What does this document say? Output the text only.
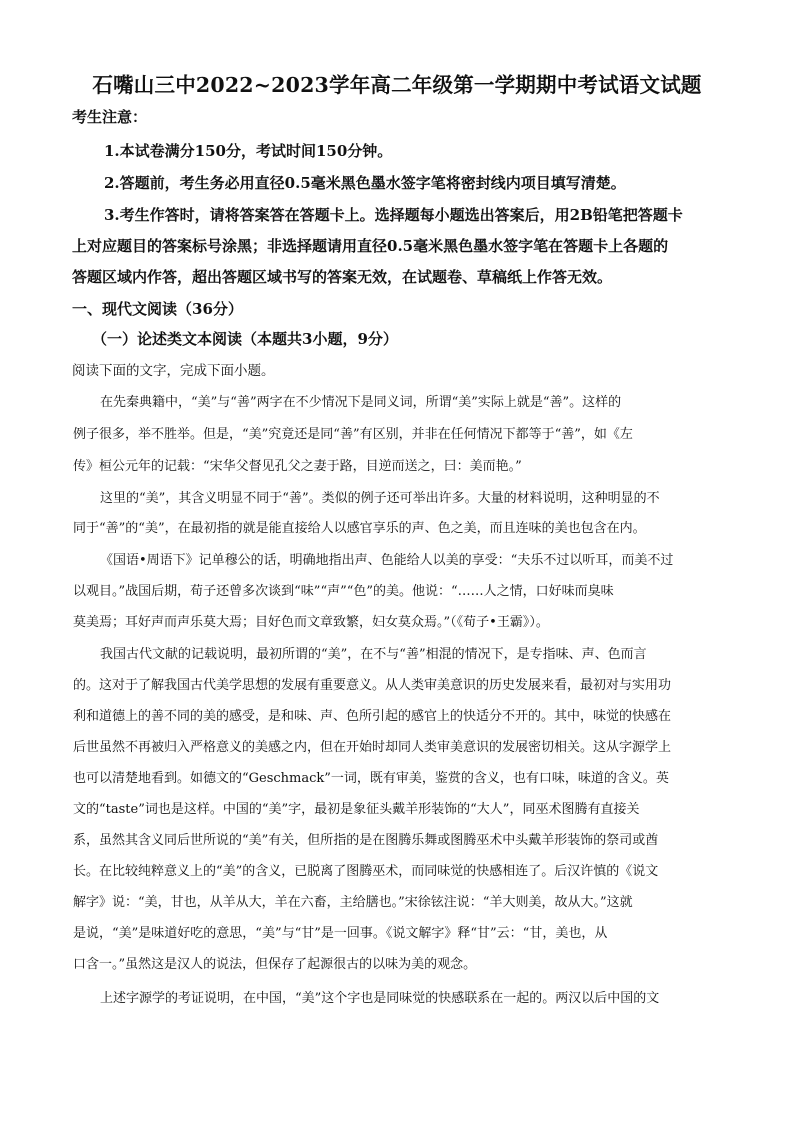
石嘴山三中2022~2023学年高二年级第一学期期中考试语文试题
考生注意：
1.本试卷满分150分，考试时间150分钟。
2.答题前，考生务必用直径0.5毫米黑色墨水签字笔将密封线内项目填写清楚。
3.考生作答时，请将答案答在答题卡上。选择题每小题选出答案后，用2B铅笔把答题卡
上对应题目的答案标号涂黑；非选择题请用直径0.5毫米黑色墨水签字笔在答题卡上各题的
答题区域内作答，超出答题区域书写的答案无效，在试题卷、草稿纸上作答无效。
一、现代文阅读（36分）
（一）论述类文本阅读（本题共3小题，9分）
阅读下面的文字，完成下面小题。
在先秦典籍中，“美”与“善”两字在不少情况下是同义词，所谓“美”实际上就是“善”。这样的
例子很多，举不胜举。但是，“美”究竟还是同“善”有区别，并非在任何情况下都等于“善”，如《左
传》桓公元年的记载：“宋华父督见孔父之妻于路，目逆而送之，曰：美而艳。”
这里的“美”，其含义明显不同于“善”。类似的例子还可举出许多。大量的材料说明，这种明显的不
同于“善”的“美”，在最初指的就是能直接给人以感官享乐的声、色之美，而且连味的美也包含在内。
《国语•周语下》记单穆公的话，明确地指出声、色能给人以美的享受：“夫乐不过以听耳，而美不过
以观目。”战国后期，荀子还曾多次谈到“味”“声”“色”的美。他说：“……人之情，口好味而臭味
莫美焉；耳好声而声乐莫大焉；目好色而文章致繁，妇女莫众焉。”（《荀子•王霸》）。
我国古代文献的记载说明，最初所谓的“美”，在不与“善”相混的情况下，是专指味、声、色而言
的。这对于了解我国古代美学思想的发展有重要意义。从人类审美意识的历史发展来看，最初对与实用功
利和道德上的善不同的美的感受，是和味、声、色所引起的感官上的快适分不开的。其中，味觉的快感在
后世虽然不再被归入严格意义的美感之内，但在开始时却同人类审美意识的发展密切相关。这从字源学上
也可以清楚地看到。如德文的“Geschmack”一词，既有审美，鉴赏的含义，也有口味，味道的含义。英
文的“taste”词也是这样。中国的“美”字，最初是象征头戴羊形装饰的“大人”，同巫术图腾有直接关
系，虽然其含义同后世所说的“美”有关，但所指的是在图腾乐舞或图腾巫术中头戴羊形装饰的祭司或酋
长。在比较纯粹意义上的“美”的含义，已脱离了图腾巫术，而同味觉的快感相连了。后汉许慎的《说文
解字》说：“美，甘也，从羊从大，羊在六畜，主给膳也。”宋徐铉注说：“羊大则美，故从大。”这就
是说，“美”是味道好吃的意思，“美”与“甘”是一回事。《说文解字》释“甘”云：“甘，美也，从
口含一。”虽然这是汉人的说法，但保存了起源很古的以味为美的观念。
上述字源学的考证说明，在中国，“美”这个字也是同味觉的快感联系在一起的。两汉以后中国的文
